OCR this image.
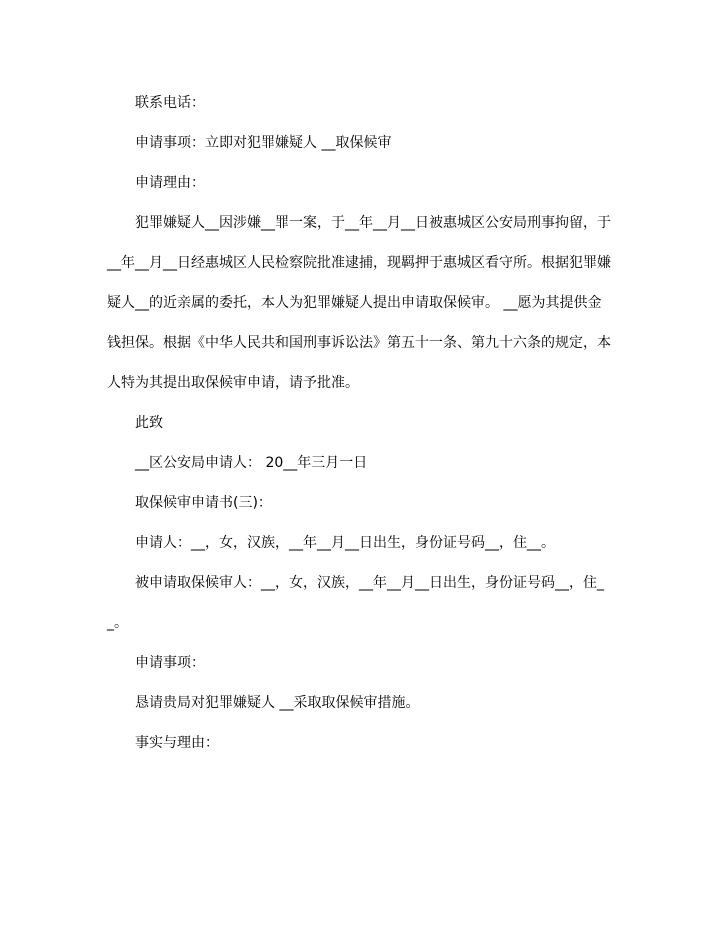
联系电话：

申请事项：立即对犯罪嫌疑人 __取保候审

申请理由：

犯罪嫌疑人__因涉嫌__罪一案，于__年__月__日被惠城区公安局刑事拘留，于__年__月__日经惠城区人民检察院批准逮捕，现羁押于惠城区看守所。根据犯罪嫌疑人__的近亲属的委托，本人为犯罪嫌疑人提出申请取保候审。 __愿为其提供金钱担保。根据《中华人民共和国刑事诉讼法》第五十一条、第九十六条的规定，本人特为其提出取保候审申请，请予批准。

此致

__区公安局申请人： 20__年三月一日

取保候审申请书(三)：

申请人：__，女，汉族，__年__月__日出生，身份证号码__，住__。

被申请取保候审人：__，女，汉族，__年__月__日出生，身份证号码__，住__。

申请事项：

恳请贵局对犯罪嫌疑人 __采取取保候审措施。

事实与理由：
